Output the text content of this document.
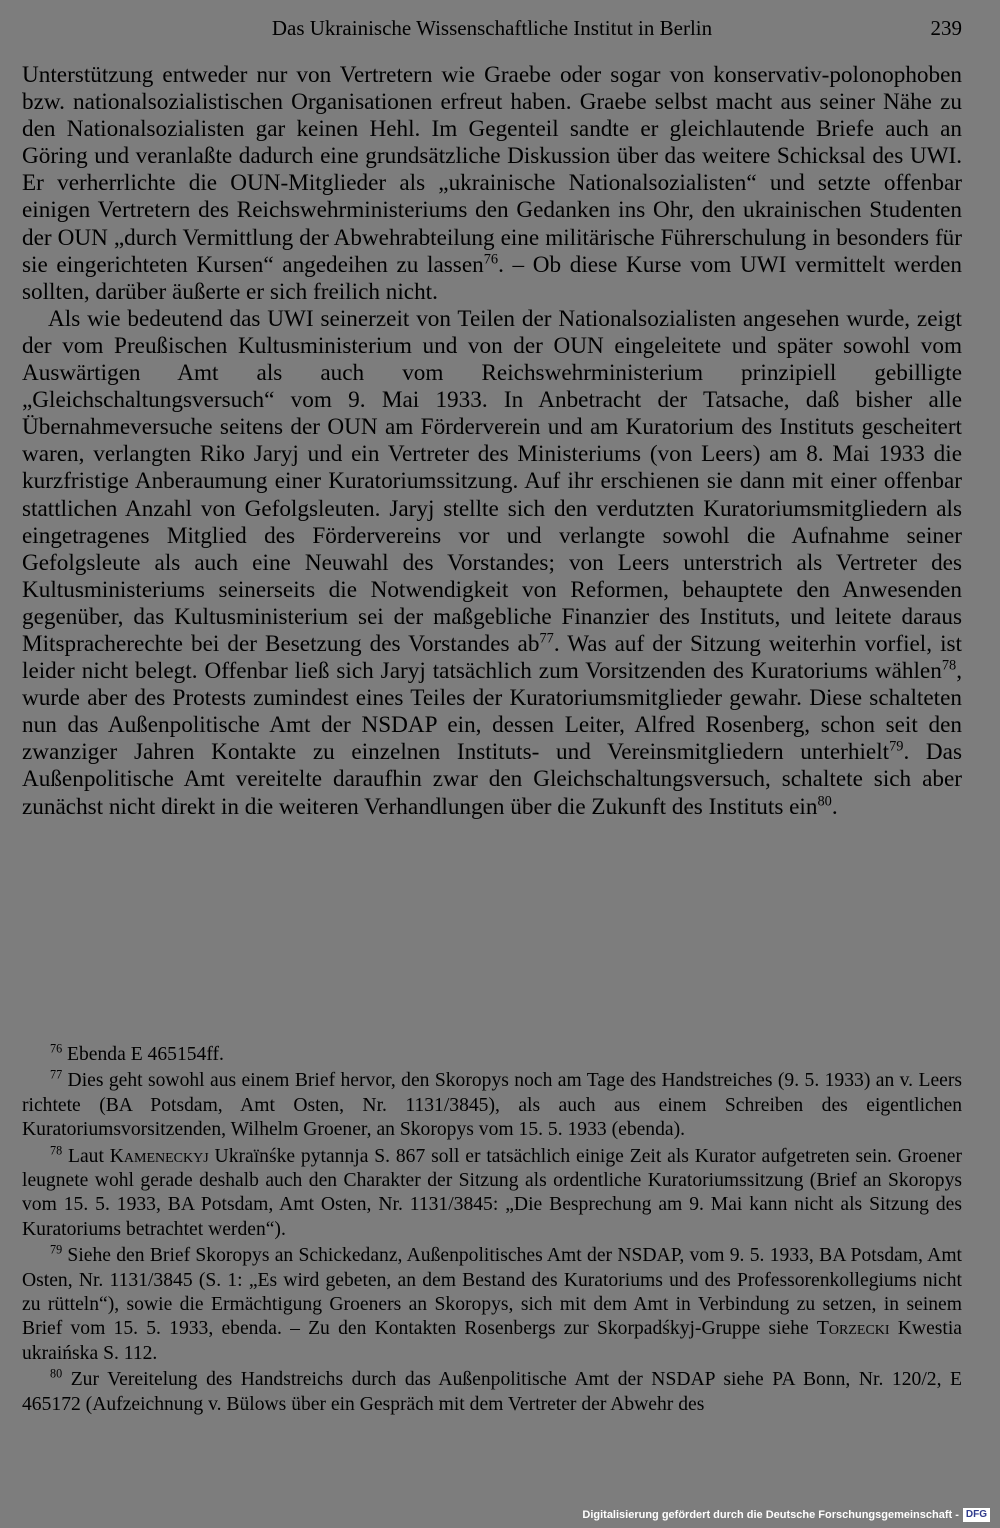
Das Ukrainische Wissenschaftliche Institut in Berlin	239

Unterstützung entweder nur von Vertretern wie Graebe oder sogar von konservativ-polonophoben bzw. nationalsozialistischen Organisationen erfreut haben. Graebe selbst macht aus seiner Nähe zu den Nationalsozialisten gar keinen Hehl. Im Gegenteil sandte er gleichlautende Briefe auch an Göring und veranlaßte dadurch eine grundsätzliche Diskussion über das weitere Schicksal des UWI. Er verherrlichte die OUN-Mitglieder als „ukrainische Nationalsozialisten“ und setzte offenbar einigen Vertretern des Reichswehrministeriums den Gedanken ins Ohr, den ukrainischen Studenten der OUN „durch Vermittlung der Abwehrabteilung eine militärische Führerschulung in besonders für sie eingerichteten Kursen“ angedeihen zu lassen$^{76}$. – Ob diese Kurse vom UWI vermittelt werden sollten, darüber äußerte er sich freilich nicht.

Als wie bedeutend das UWI seinerzeit von Teilen der Nationalsozialisten angesehen wurde, zeigt der vom Preußischen Kultusministerium und von der OUN eingeleitete und später sowohl vom Auswärtigen Amt als auch vom Reichswehrministerium prinzipiell gebilligte „Gleichschaltungsversuch“ vom 9. Mai 1933. In Anbetracht der Tatsache, daß bisher alle Übernahmeversuche seitens der OUN am Förderverein und am Kuratorium des Instituts gescheitert waren, verlangten Riko Jaryj und ein Vertreter des Ministeriums (von Leers) am 8. Mai 1933 die kurzfristige Anberaumung einer Kuratoriumssitzung. Auf ihr erschienen sie dann mit einer offenbar stattlichen Anzahl von Gefolgsleuten. Jaryj stellte sich den verdutzten Kuratoriumsmitgliedern als eingetragenes Mitglied des Fördervereins vor und verlangte sowohl die Aufnahme seiner Gefolgsleute als auch eine Neuwahl des Vorstandes; von Leers unterstrich als Vertreter des Kultusministeriums seinerseits die Notwendigkeit von Reformen, behauptete den Anwesenden gegenüber, das Kultusministerium sei der maßgebliche Finanzier des Instituts, und leitete daraus Mitspracherechte bei der Besetzung des Vorstandes $ab^{77}$. Was auf der Sitzung weiterhin vorfiel, ist leider nicht belegt. Offenbar ließ sich Jaryj tatsächlich zum Vorsitzenden des Kuratoriums wählen$^{78}$, wurde aber des Protests zumindest eines Teiles der Kuratoriumsmitglieder gewahr. Diese schalteten nun das Außenpolitische Amt der NSDAP ein, dessen Leiter, Alfred Rosenberg, schon seit den zwanziger Jahren Kontakte zu einzelnen Instituts- und Vereinsmitgliedern unterhielt$^{79}$. Das Außenpolitische Amt vereitelte daraufhin zwar den Gleichschaltungsversuch, schaltete sich aber zunächst nicht direkt in die weiteren Verhandlungen über die Zukunft des Instituts ein$^{80}$.

$^{76}$ Ebenda E 465154ff.

$^{77}$ Dies geht sowohl aus einem Brief hervor, den Skoropys noch am Tage des Handstreiches (9. 5. 1933) an v. Leers richtete (BA Potsdam, Amt Osten, Nr. 1131/3845), als auch aus einem Schreiben des eigentlichen Kuratoriumsvorsitzenden, Wilhelm Groener, an Skoropys vom 15. 5. 1933 (ebenda).

$^{78}$ Laut Kameneckyj Ukraïnśke pytannja S. 867 soll er tatsächlich einige Zeit als Kurator aufgetreten sein. Groener leugnete wohl gerade deshalb auch den Charakter der Sitzung als ordentliche Kuratoriumssitzung (Brief an Skoropys vom 15. 5. 1933, BA Potsdam, Amt Osten, Nr. 1131/3845: „Die Besprechung am 9. Mai kann nicht als Sitzung des Kuratoriums betrachtet werden“).

$^{79}$ Siehe den Brief Skoropys an Schickedanz, Außenpolitisches Amt der NSDAP, vom 9. 5. 1933, BA Potsdam, Amt Osten, Nr. 1131/3845 (S. 1: „Es wird gebeten, an dem Bestand des Kuratoriums und des Professorenkollegiums nicht zu rütteln“), sowie die Ermächtigung Groeners an Skoropys, sich mit dem Amt in Verbindung zu setzen, in seinem Brief vom 15. 5. 1933, ebenda. – Zu den Kontakten Rosenbergs zur Skorpadśkyj-Gruppe siehe Torzecki Kwestia ukraińska S. 112.

$^{80}$ Zur Vereitelung des Handstreichs durch das Außenpolitische Amt der NSDAP siehe PA Bonn, Nr. 120/2, E 465172 (Aufzeichnung v. Bülows über ein Gespräch mit dem Vertreter der Abwehr des

Digitalisierung gefördert durch die Deutsche Forschungsgemeinschaft - DFG
